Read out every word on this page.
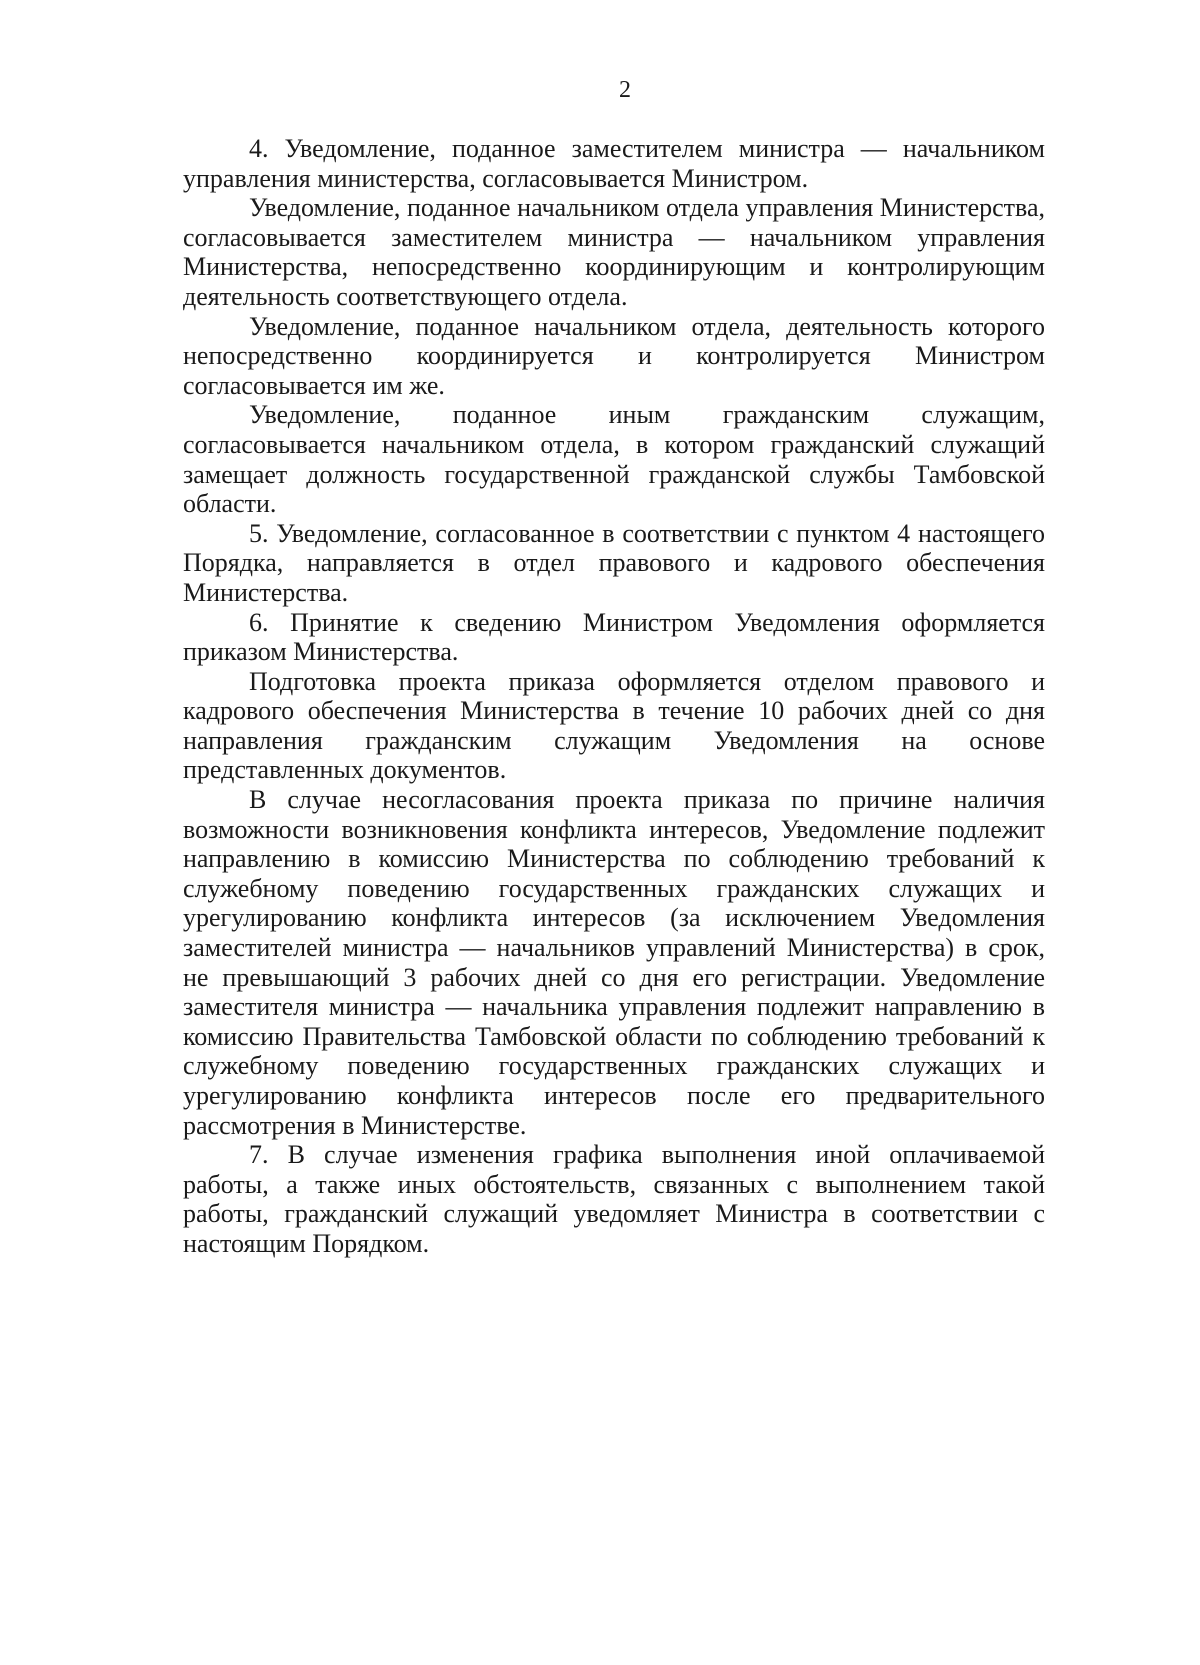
2

4. Уведомление, поданное заместителем министра — начальником управления министерства, согласовывается Министром.

Уведомление, поданное начальником отдела управления Министерства, согласовывается заместителем министра — начальником управления Министерства, непосредственно координирующим и контролирующим деятельность соответствующего отдела.

Уведомление, поданное начальником отдела, деятельность которого непосредственно координируется и контролируется Министром согласовывается им же.

Уведомление, поданное иным гражданским служащим, согласовывается начальником отдела, в котором гражданский служащий замещает должность государственной гражданской службы Тамбовской области.

5. Уведомление, согласованное в соответствии с пунктом 4 настоящего Порядка, направляется в отдел правового и кадрового обеспечения Министерства.

6. Принятие к сведению Министром Уведомления оформляется приказом Министерства.

Подготовка проекта приказа оформляется отделом правового и кадрового обеспечения Министерства в течение 10 рабочих дней со дня направления гражданским служащим Уведомления на основе представленных документов.

В случае несогласования проекта приказа по причине наличия возможности возникновения конфликта интересов, Уведомление подлежит направлению в комиссию Министерства по соблюдению требований к служебному поведению государственных гражданских служащих и урегулированию конфликта интересов (за исключением Уведомления заместителей министра — начальников управлений Министерства) в срок, не превышающий 3 рабочих дней со дня его регистрации. Уведомление заместителя министра — начальника управления подлежит направлению в комиссию Правительства Тамбовской области по соблюдению требований к служебному поведению государственных гражданских служащих и урегулированию конфликта интересов после его предварительного рассмотрения в Министерстве.

7. В случае изменения графика выполнения иной оплачиваемой работы, а также иных обстоятельств, связанных с выполнением такой работы, гражданский служащий уведомляет Министра в соответствии с настоящим Порядком.
